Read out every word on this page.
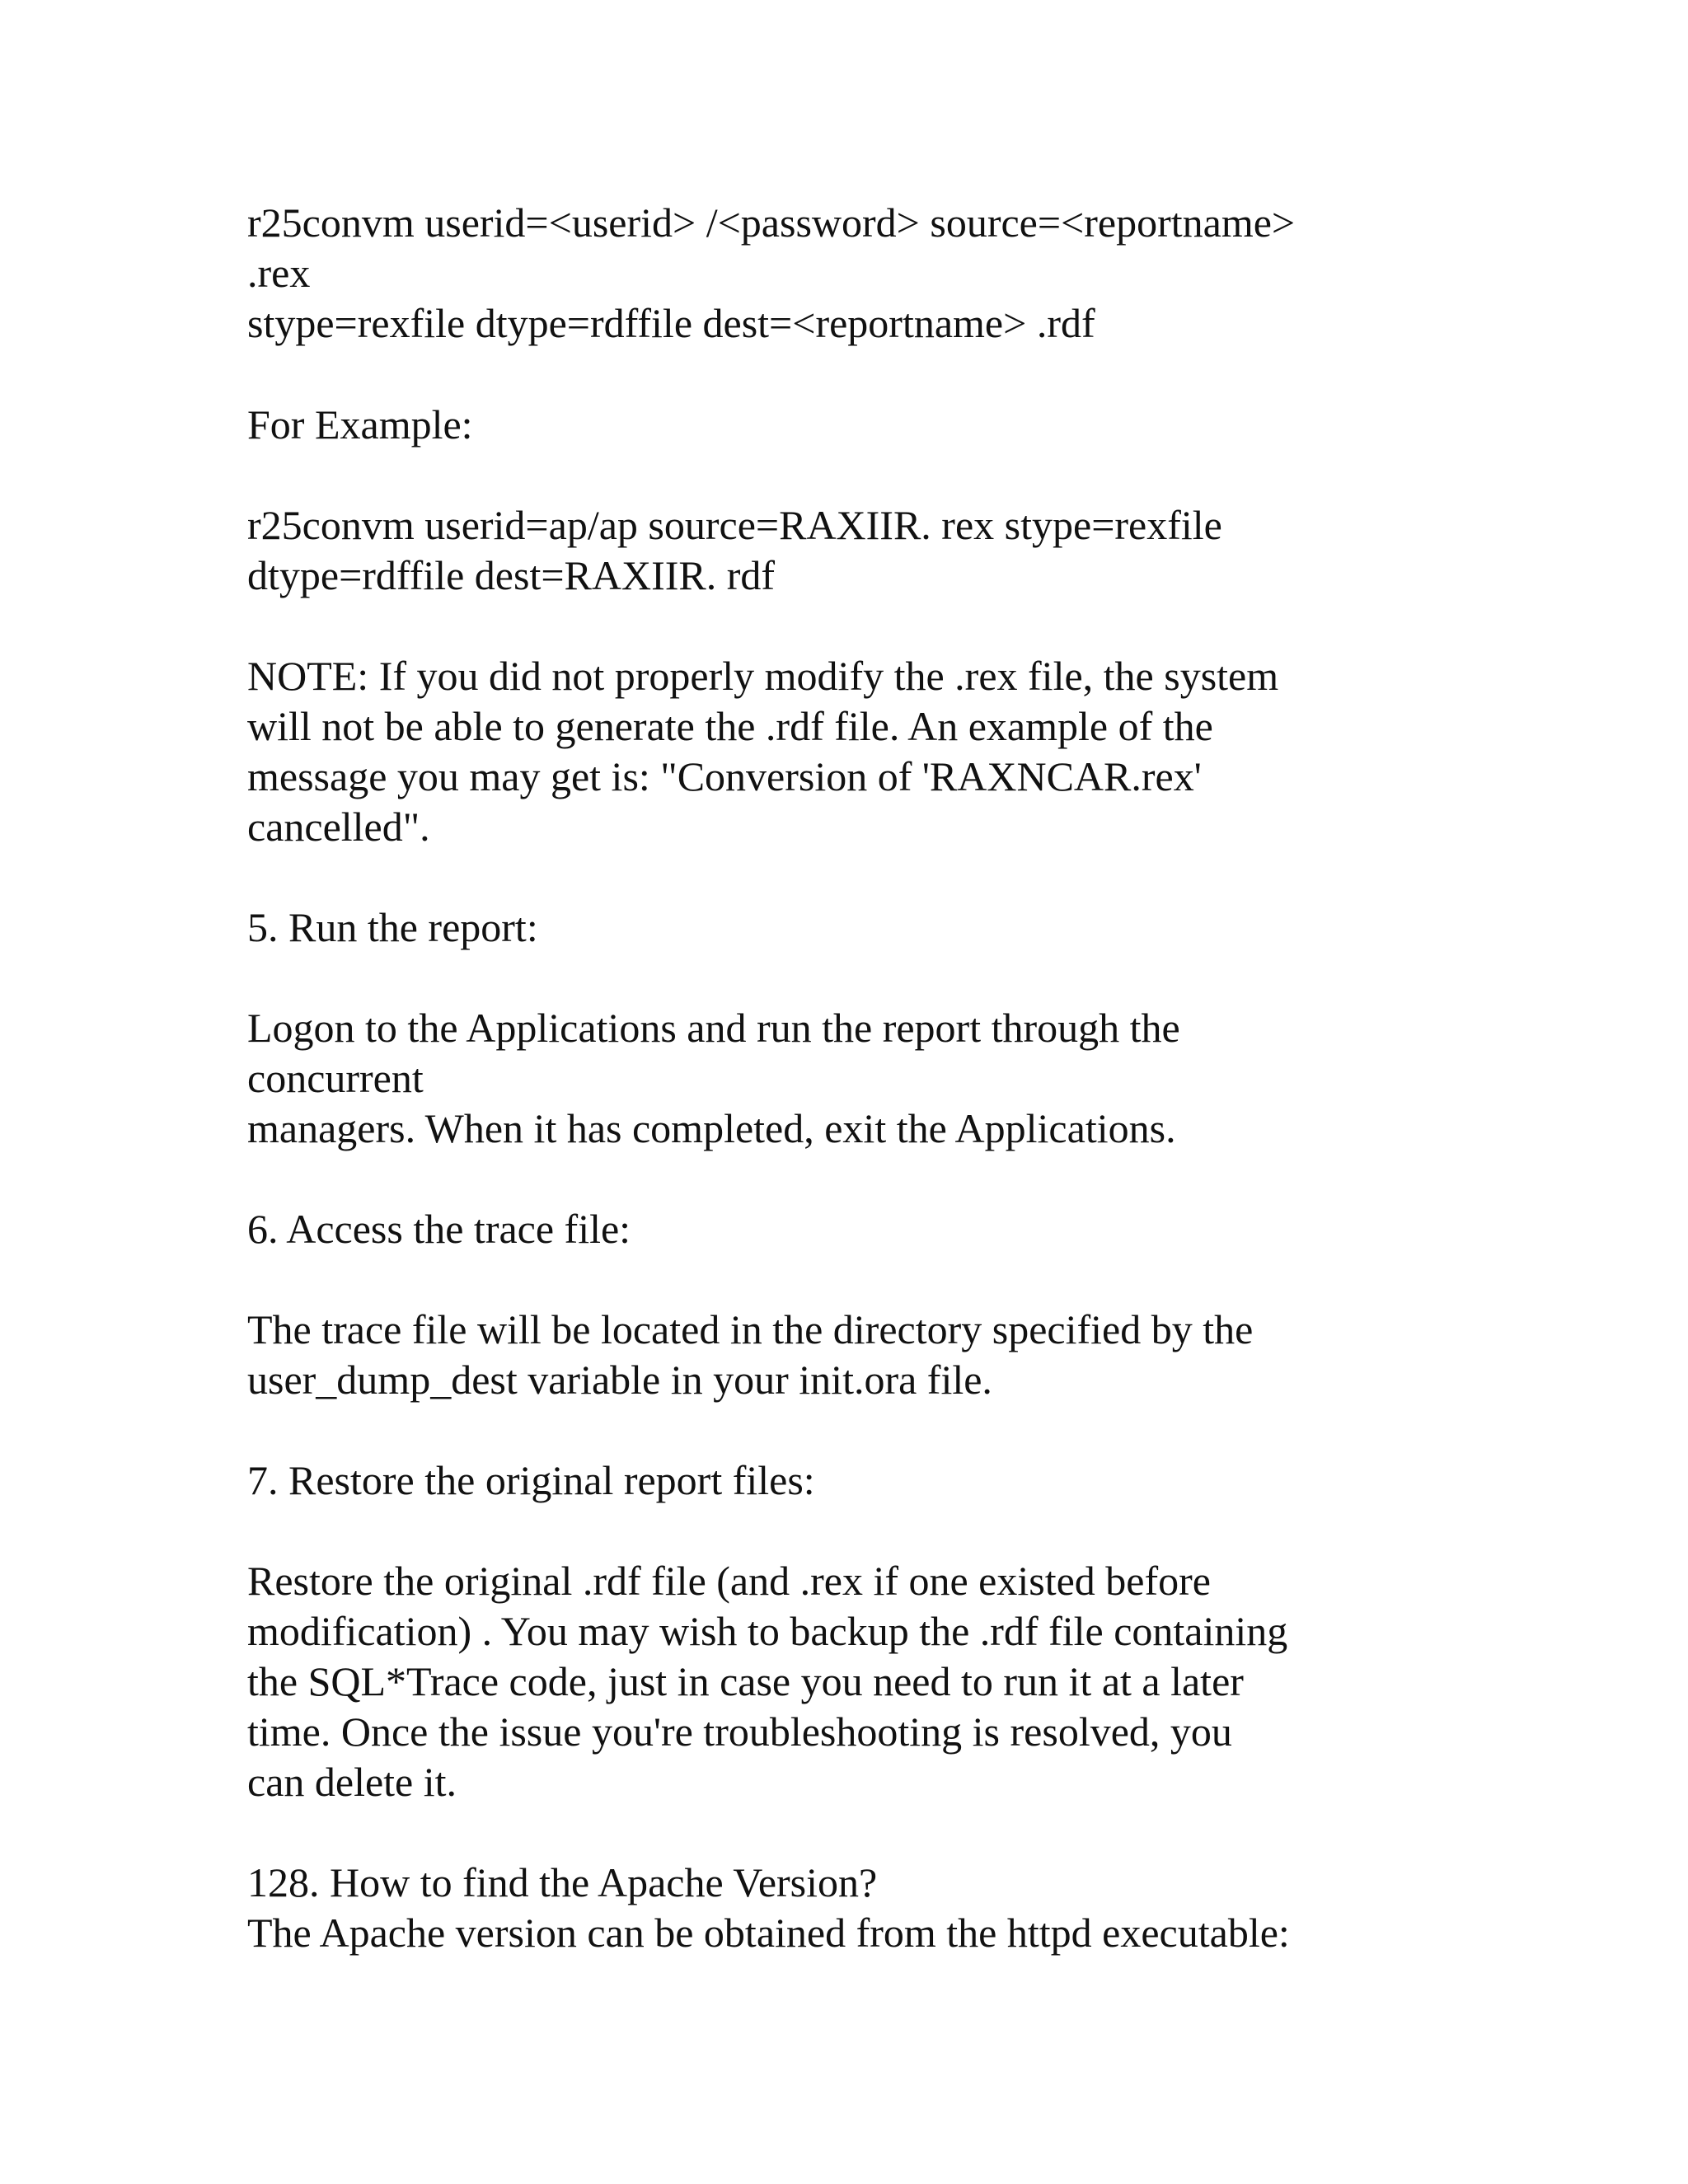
r25convm userid=<userid> /<password> source=<reportname>

.rex

stype=rexfile dtype=rdffile dest=<reportname> .rdf

For Example:

r25convm userid=ap/ap source=RAXIIR. rex stype=rexfile

dtype=rdffile dest=RAXIIR. rdf

NOTE: If you did not properly modify the .rex file, the system

will not be able to generate the .rdf file. An example of the

message you may get is: "Conversion of 'RAXNCAR.rex'

cancelled".

5. Run the report:

Logon to the Applications and run the report through the

concurrent

managers. When it has completed, exit the Applications.

6. Access the trace file:

The trace file will be located in the directory specified by the

user_dump_dest variable in your init.ora file.

7. Restore the original report files:

Restore the original .rdf file (and .rex if one existed before

modification) . You may wish to backup the .rdf file containing

the SQL*Trace code, just in case you need to run it at a later

time. Once the issue you're troubleshooting is resolved, you

can delete it.

128. How to find the Apache Version?

The Apache version can be obtained from the httpd executable:
